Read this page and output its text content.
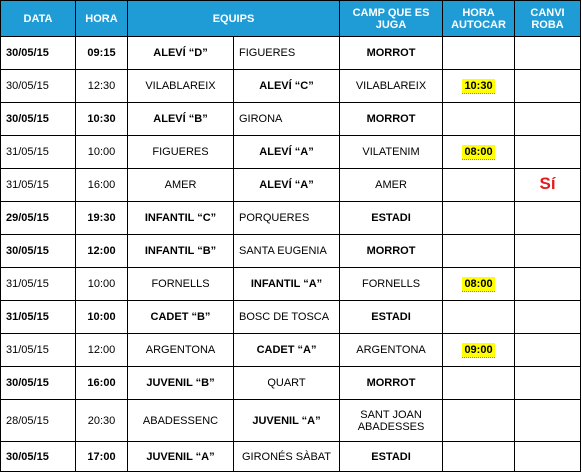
DATA	HORA	EQUIPS		CAMP QUE ES JUGA	HORA AUTOCAR	CANVI ROBA
30/05/15	09:15	ALEVÍ “D”	FIGUERES	MORROT		
30/05/15	12:30	VILABLAREIX	ALEVÍ “C”	VILABLAREIX	10:30	
30/05/15	10:30	ALEVÍ “B”	GIRONA	MORROT		
31/05/15	10:00	FIGUERES	ALEVÍ “A”	VILATENIM	08:00	
31/05/15	16:00	AMER	ALEVÍ “A”	AMER		Sí
29/05/15	19:30	INFANTIL “C”	PORQUERES	ESTADI		
30/05/15	12:00	INFANTIL “B”	SANTA EUGENIA	MORROT		
31/05/15	10:00	FORNELLS	INFANTIL “A”	FORNELLS	08:00	
31/05/15	10:00	CADET “B”	BOSC DE TOSCA	ESTADI		
31/05/15	12:00	ARGENTONA	CADET “A”	ARGENTONA	09:00	
30/05/15	16:00	JUVENIL “B”	QUART	MORROT		
28/05/15	20:30	ABADESSENC	JUVENIL “A”	SANT JOAN ABADESSES		
30/05/15	17:00	JUVENIL “A”	GIRONÉS SÀBAT	ESTADI		
